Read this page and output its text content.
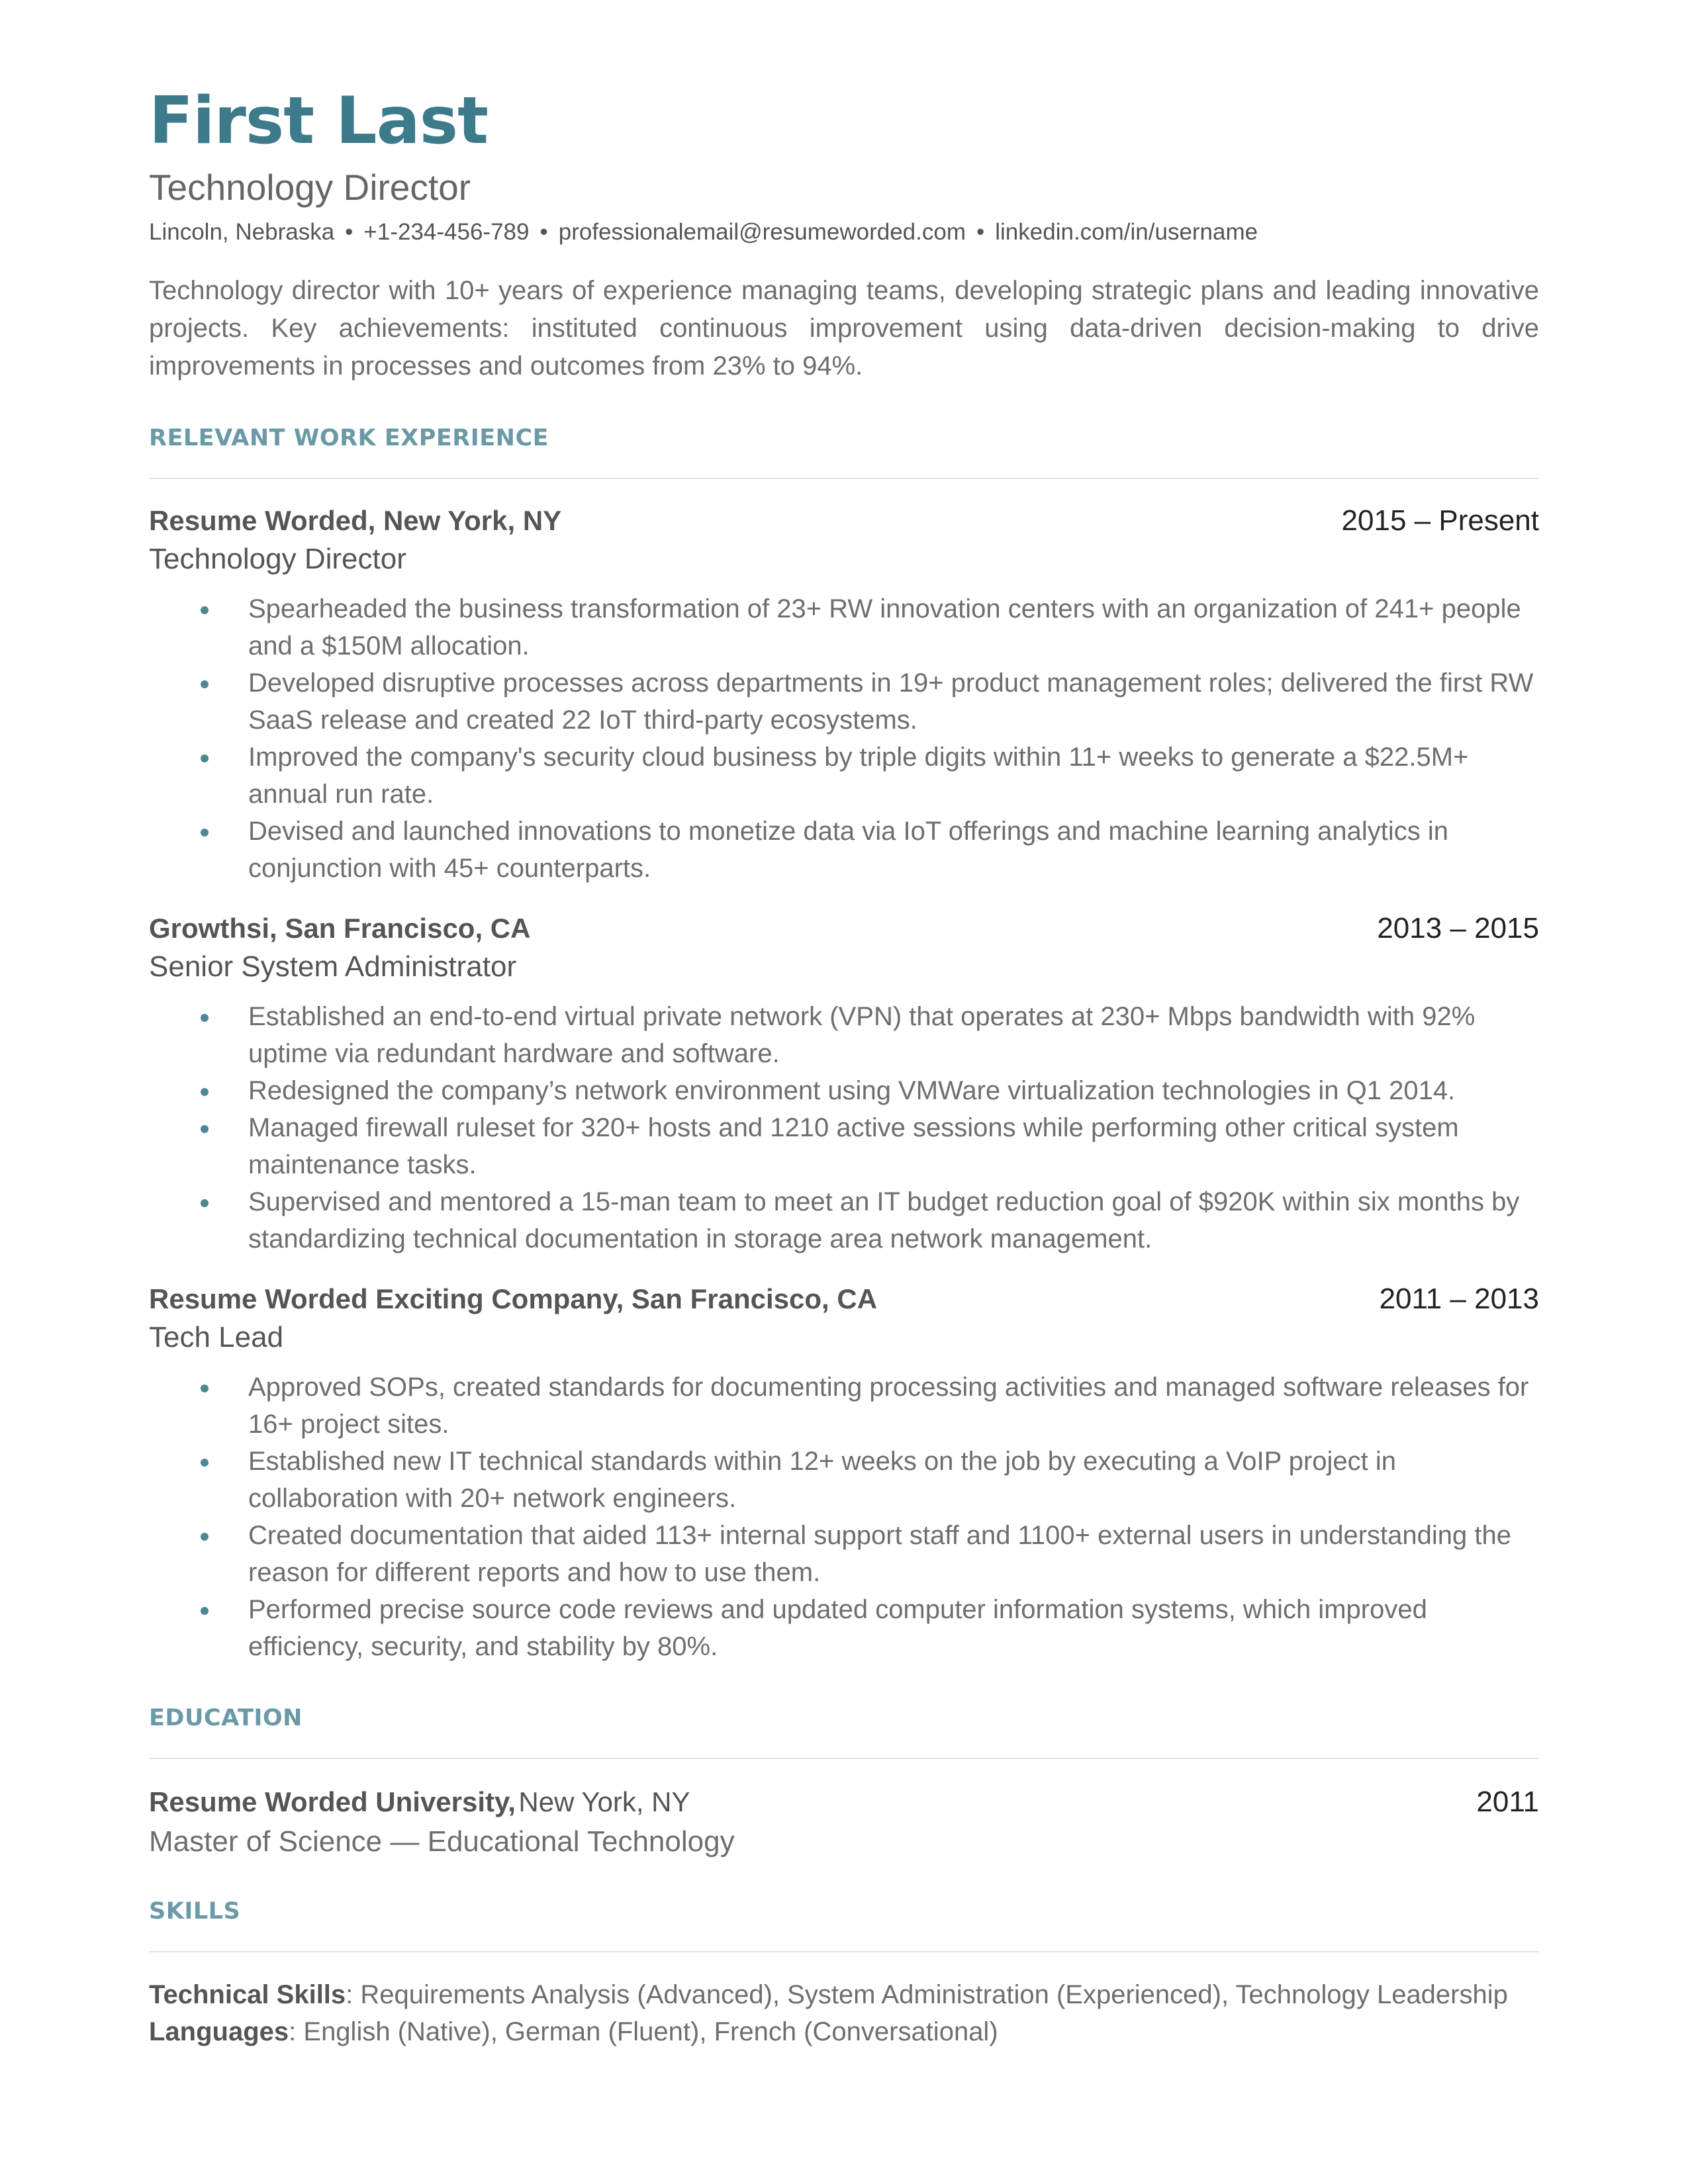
First Last
Technology Director
Lincoln, Nebraska • +1-234-456-789 • professionalemail@resumeworded.com • linkedin.com/in/username
Technology director with 10+ years of experience managing teams, developing strategic plans and leading innovative projects. Key achievements: instituted continuous improvement using data-driven decision-making to drive improvements in processes and outcomes from 23% to 94%.
RELEVANT WORK EXPERIENCE
Resume Worded, New York, NY	2015 – Present
Technology Director
Spearheaded the business transformation of 23+ RW innovation centers with an organization of 241+ people and a $150M allocation.
Developed disruptive processes across departments in 19+ product management roles; delivered the first RW SaaS release and created 22 IoT third-party ecosystems.
Improved the company's security cloud business by triple digits within 11+ weeks to generate a $22.5M+ annual run rate.
Devised and launched innovations to monetize data via IoT offerings and machine learning analytics in conjunction with 45+ counterparts.
Growthsi, San Francisco, CA	2013 – 2015
Senior System Administrator
Established an end-to-end virtual private network (VPN) that operates at 230+ Mbps bandwidth with 92% uptime via redundant hardware and software.
Redesigned the company’s network environment using VMWare virtualization technologies in Q1 2014.
Managed firewall ruleset for 320+ hosts and 1210 active sessions while performing other critical system maintenance tasks.
Supervised and mentored a 15-man team to meet an IT budget reduction goal of $920K within six months by standardizing technical documentation in storage area network management.
Resume Worded Exciting Company, San Francisco, CA	2011 – 2013
Tech Lead
Approved SOPs, created standards for documenting processing activities and managed software releases for 16+ project sites.
Established new IT technical standards within 12+ weeks on the job by executing a VoIP project in collaboration with 20+ network engineers.
Created documentation that aided 113+ internal support staff and 1100+ external users in understanding the reason for different reports and how to use them.
Performed precise source code reviews and updated computer information systems, which improved efficiency, security, and stability by 80%.
EDUCATION
Resume Worded University, New York, NY	2011
Master of Science — Educational Technology
SKILLS
Technical Skills: Requirements Analysis (Advanced), System Administration (Experienced), Technology Leadership
Languages: English (Native), German (Fluent), French (Conversational)
